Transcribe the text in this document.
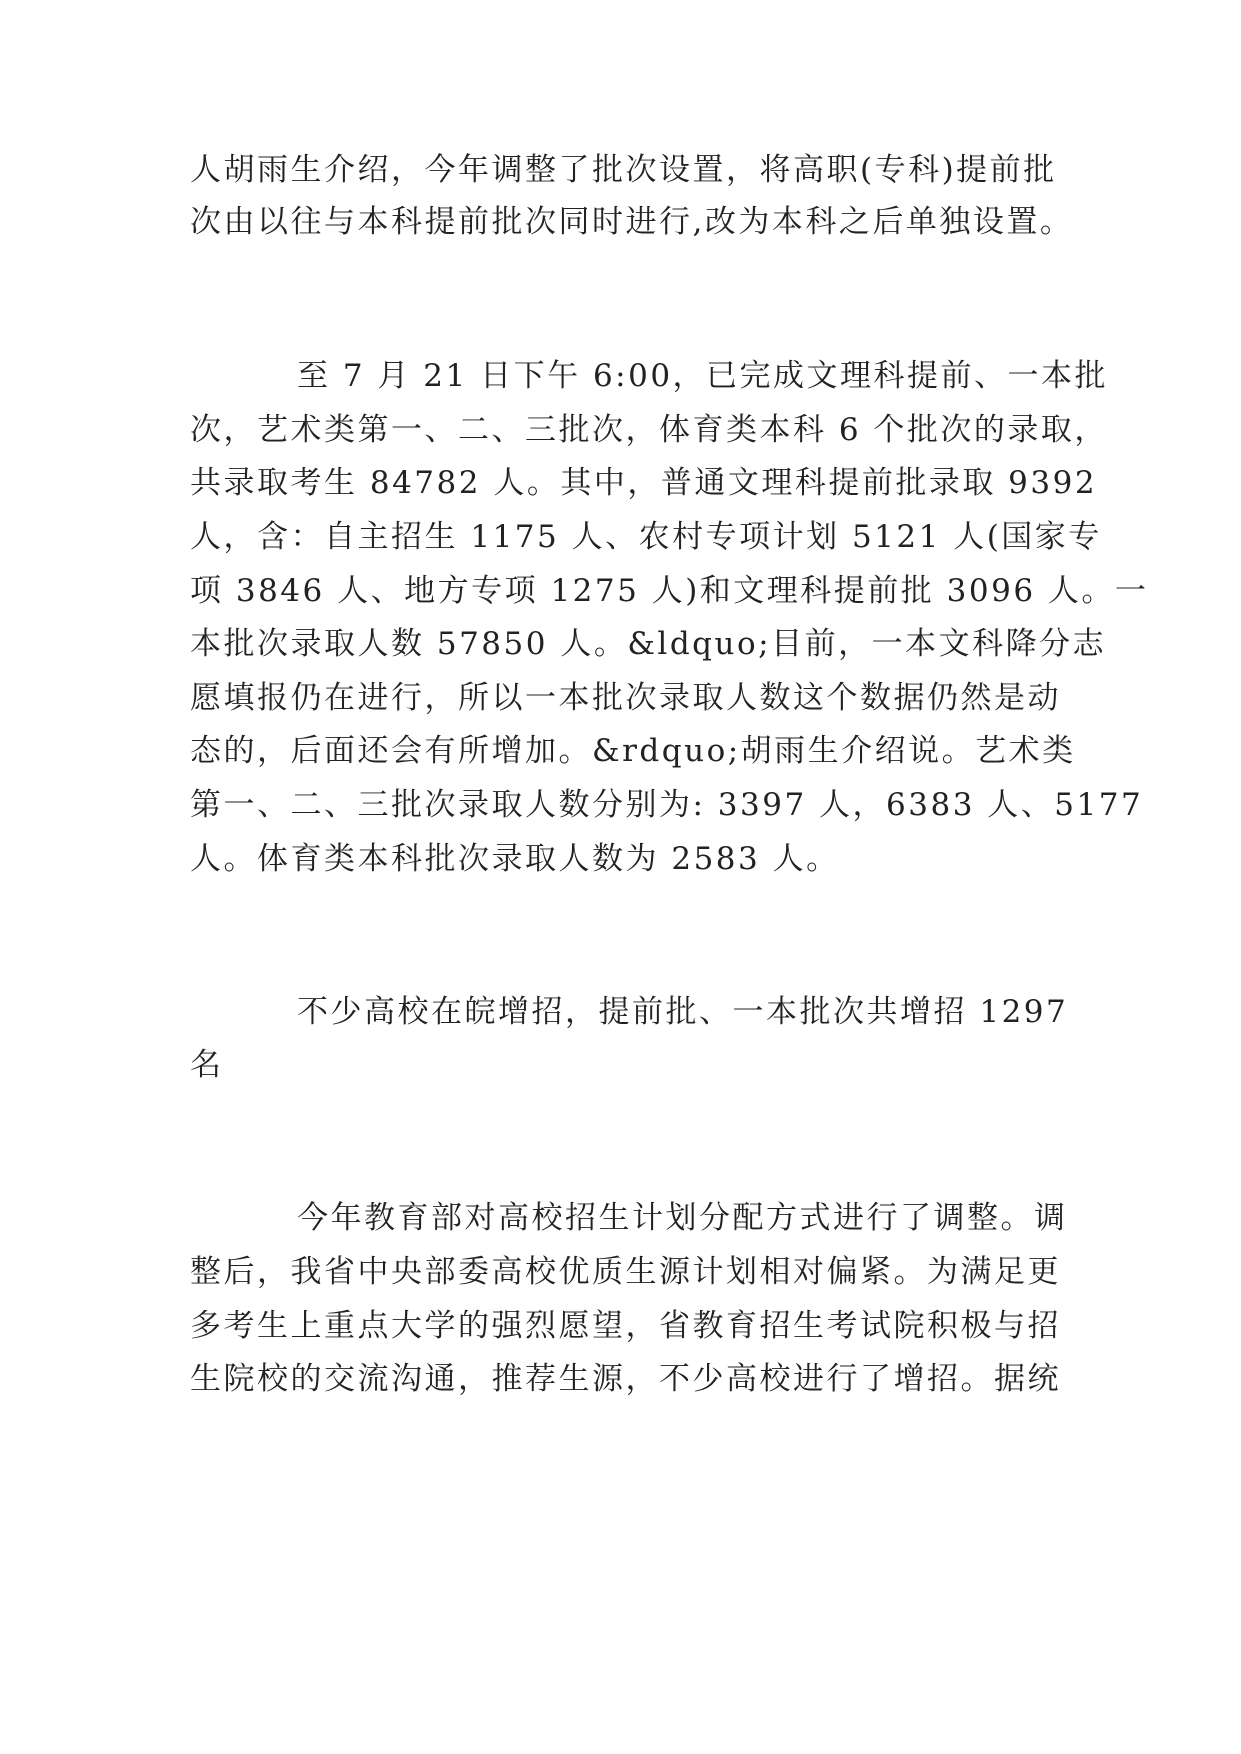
人胡雨生介绍，今年调整了批次设置，将高职(专科)提前批
次由以往与本科提前批次同时进行,改为本科之后单独设置。
至 7 月 21 日下午 6:00，已完成文理科提前、一本批
次，艺术类第一、二、三批次，体育类本科 6 个批次的录取，
共录取考生 84782 人。其中，普通文理科提前批录取 9392
人，含：自主招生 1175 人、农村专项计划 5121 人(国家专
项 3846 人、地方专项 1275 人)和文理科提前批 3096 人。一
本批次录取人数 57850 人。&ldquo;目前，一本文科降分志
愿填报仍在进行，所以一本批次录取人数这个数据仍然是动
态的，后面还会有所增加。&rdquo;胡雨生介绍说。艺术类
第一、二、三批次录取人数分别为: 3397 人，6383 人、5177
人。体育类本科批次录取人数为 2583 人。
不少高校在皖增招，提前批、一本批次共增招 1297
名
今年教育部对高校招生计划分配方式进行了调整。调
整后，我省中央部委高校优质生源计划相对偏紧。为满足更
多考生上重点大学的强烈愿望，省教育招生考试院积极与招
生院校的交流沟通，推荐生源，不少高校进行了增招。据统
